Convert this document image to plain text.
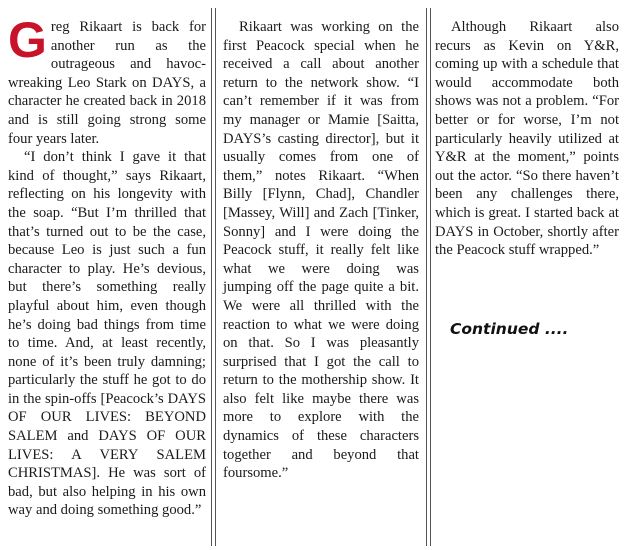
Greg Rikaart is back for another run as the outrageous and havoc-wreaking Leo Stark on DAYS, a character he created back in 2018 and is still going strong some four years later.

“I don’t think I gave it that kind of thought,” says Rikaart, reflecting on his longevity with the soap. “But I’m thrilled that that’s turned out to be the case, because Leo is just such a fun character to play. He’s devious, but there’s something really playful about him, even though he’s doing bad things from time to time. And, at least recently, none of it’s been truly damning; particularly the stuff he got to do in the spin-offs [Peacock’s DAYS OF OUR LIVES: BEYOND SALEM and DAYS OF OUR LIVES: A VERY SALEM CHRISTMAS]. He was sort of bad, but also helping in his own way and doing something good.”

Rikaart was working on the first Peacock special when he received a call about another return to the network show. “I can’t remember if it was from my manager or Mamie [Saitta, DAYS’s casting director], but it usually comes from one of them,” notes Rikaart. “When Billy [Flynn, Chad], Chandler [Massey, Will] and Zach [Tinker, Sonny] and I were doing the Peacock stuff, it really felt like what we were doing was jumping off the page quite a bit. We were all thrilled with the reaction to what we were doing on that. So I was pleasantly surprised that I got the call to return to the mothership show. It also felt like maybe there was more to explore with the dynamics of these characters together and beyond that foursome.”

Although Rikaart also recurs as Kevin on Y&R, coming up with a schedule that would accommodate both shows was not a problem. “For better or for worse, I’m not particularly heavily utilized at Y&R at the moment,” points out the actor. “So there haven’t been any challenges there, which is great. I started back at DAYS in October, shortly after the Peacock stuff wrapped.”

Continued ....
